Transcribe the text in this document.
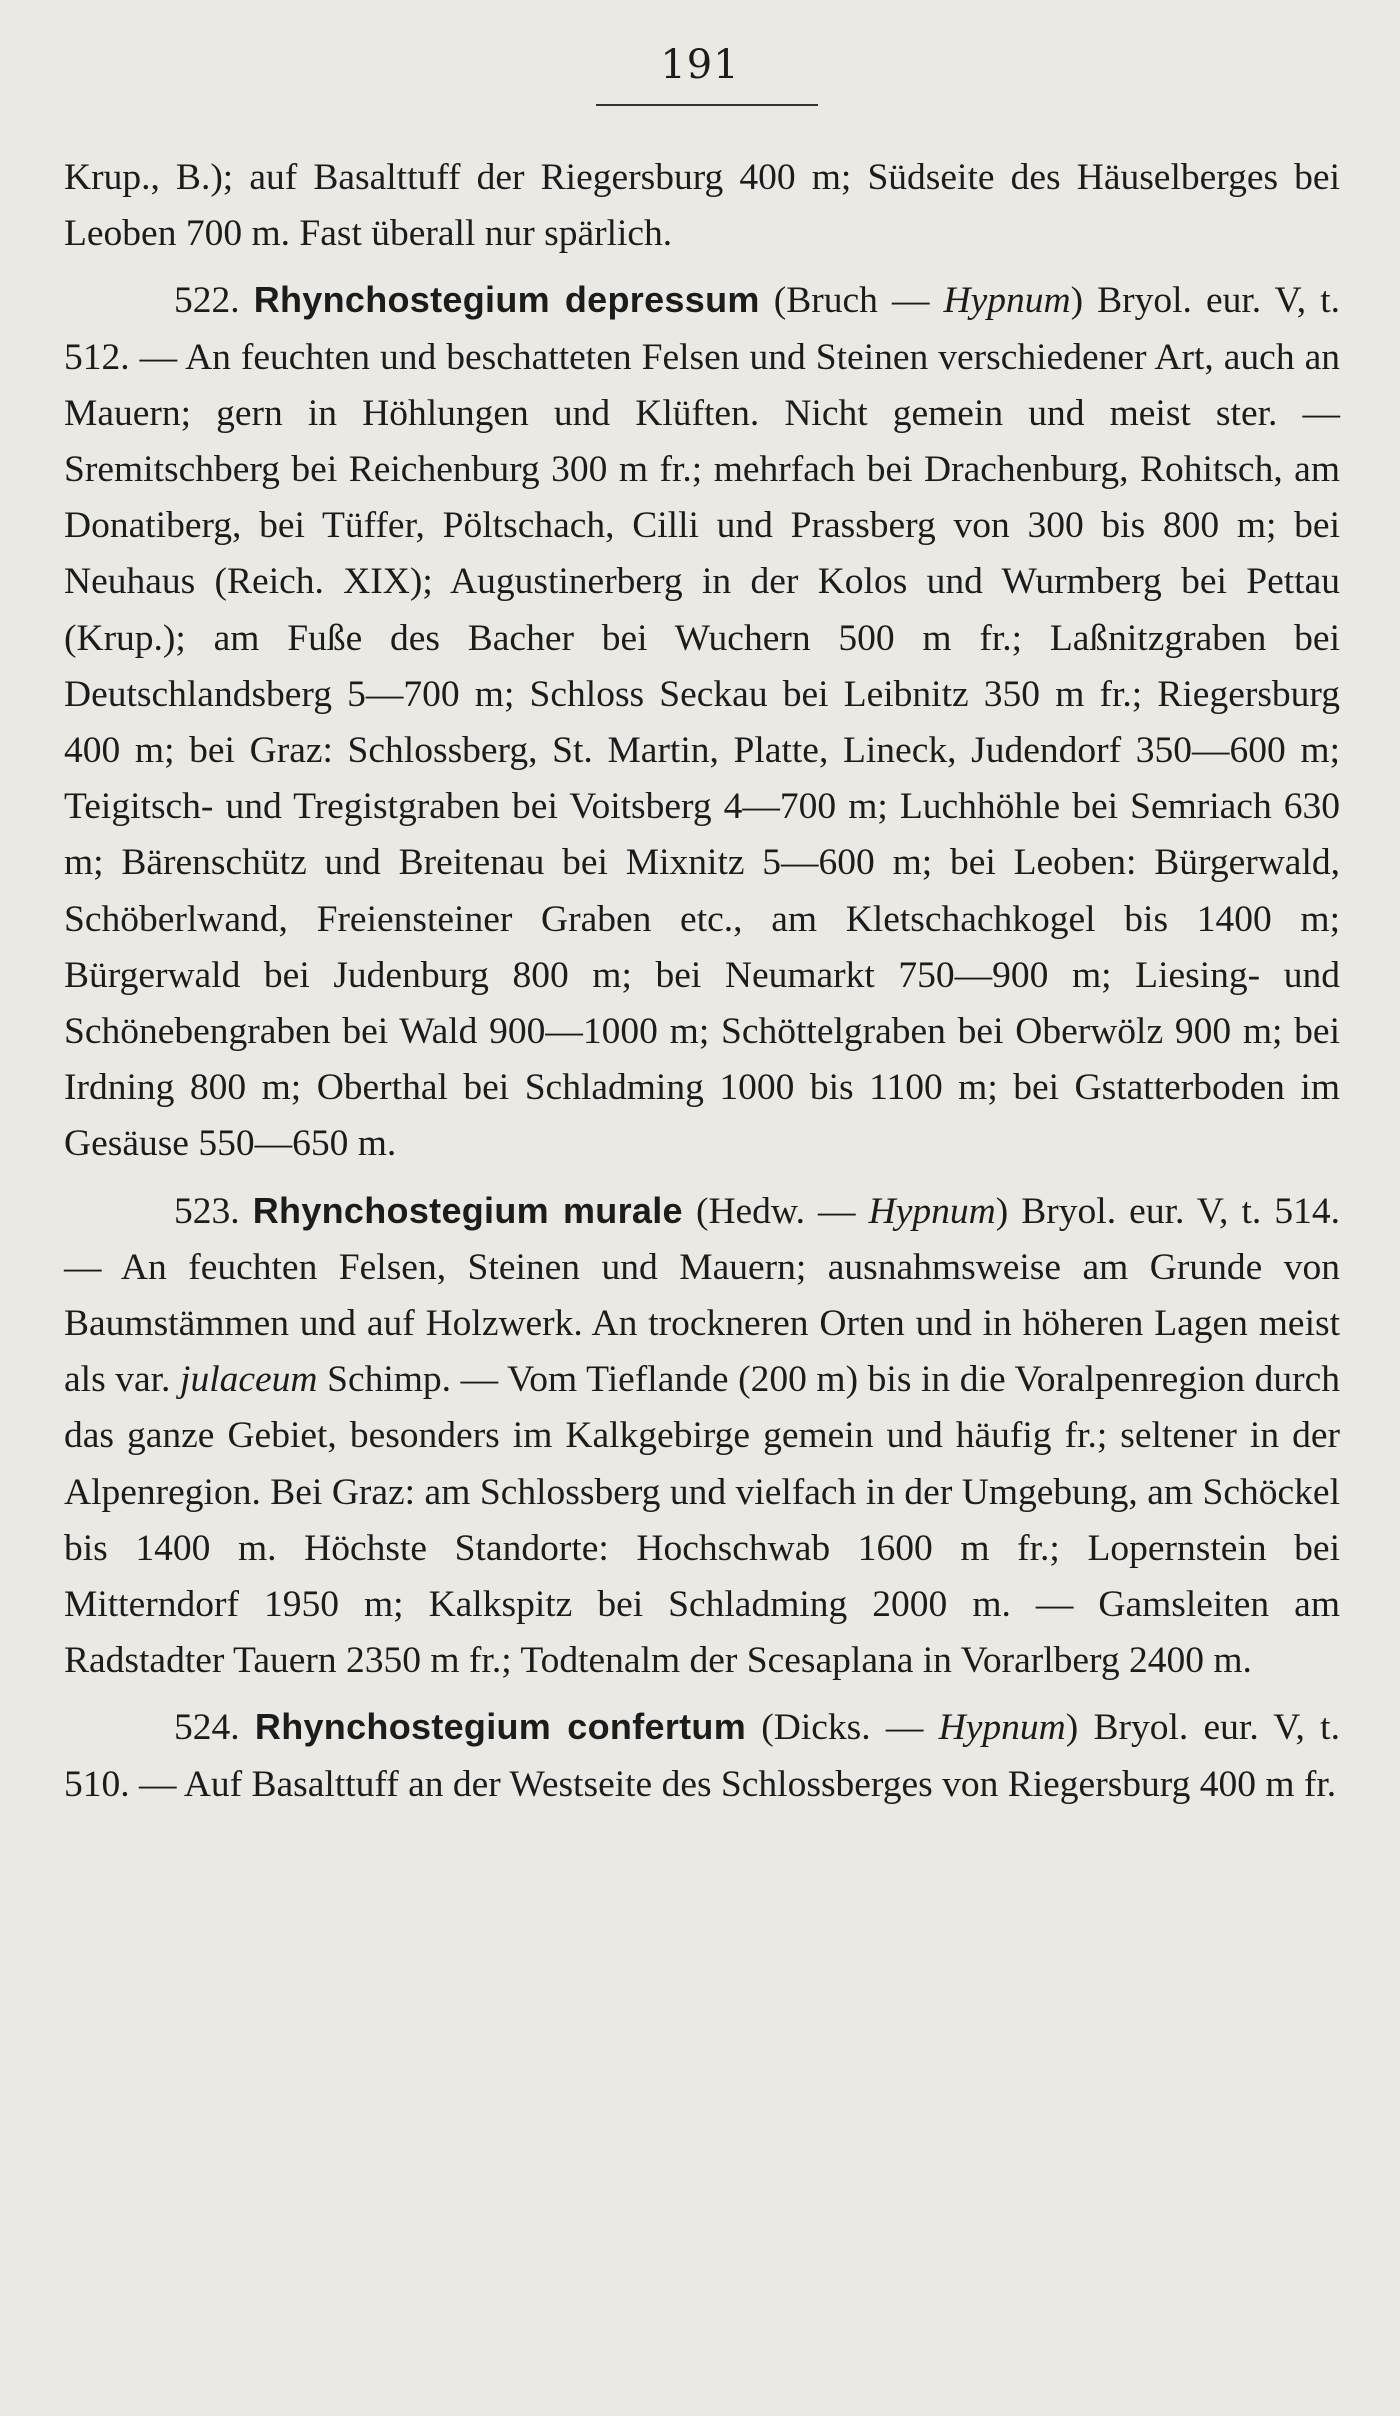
191

Krup., B.); auf Basalttuff der Riegersburg 400 m; Südseite des Häuselberges bei Leoben 700 m. Fast überall nur spärlich.

522. Rhynchostegium depressum (Bruch — Hypnum) Bryol. eur. V, t. 512. — An feuchten und beschatteten Felsen und Steinen verschiedener Art, auch an Mauern; gern in Höhlungen und Klüften. Nicht gemein und meist ster. — Sremitschberg bei Reichenburg 300 m fr.; mehrfach bei Drachenburg, Rohitsch, am Donatiberg, bei Tüffer, Pöltschach, Cilli und Prassberg von 300 bis 800 m; bei Neuhaus (Reich. XIX); Augustinerberg in der Kolos und Wurmberg bei Pettau (Krup.); am Fuße des Bacher bei Wuchern 500 m fr.; Laßnitzgraben bei Deutschlandsberg 5—700 m; Schloss Seckau bei Leibnitz 350 m fr.; Riegersburg 400 m; bei Graz: Schlossberg, St. Martin, Platte, Lineck, Judendorf 350—600 m; Teigitsch- und Tregistgraben bei Voitsberg 4—700 m; Luchhöhle bei Semriach 630 m; Bärenschütz und Breitenau bei Mixnitz 5—600 m; bei Leoben: Bürgerwald, Schöberlwand, Freiensteiner Graben etc., am Kletschachkogel bis 1400 m; Bürgerwald bei Judenburg 800 m; bei Neumarkt 750—900 m; Liesing- und Schönebengraben bei Wald 900—1000 m; Schöttelgraben bei Oberwölz 900 m; bei Irdning 800 m; Oberthal bei Schladming 1000 bis 1100 m; bei Gstatterboden im Gesäuse 550—650 m.

523. Rhynchostegium murale (Hedw. — Hypnum) Bryol. eur. V, t. 514. — An feuchten Felsen, Steinen und Mauern; ausnahmsweise am Grunde von Baumstämmen und auf Holzwerk. An trockneren Orten und in höheren Lagen meist als var. julaceum Schimp. — Vom Tieflande (200 m) bis in die Voralpenregion durch das ganze Gebiet, besonders im Kalkgebirge gemein und häufig fr.; seltener in der Alpenregion. Bei Graz: am Schlossberg und vielfach in der Umgebung, am Schöckel bis 1400 m. Höchste Standorte: Hochschwab 1600 m fr.; Lopernstein bei Mitterndorf 1950 m; Kalkspitz bei Schladming 2000 m. — Gamsleiten am Radstadter Tauern 2350 m fr.; Todtenalm der Scesaplana in Vorarlberg 2400 m.

524. Rhynchostegium confertum (Dicks. — Hypnum) Bryol. eur. V, t. 510. — Auf Basalttuff an der Westseite des Schlossberges von Riegersburg 400 m fr.
